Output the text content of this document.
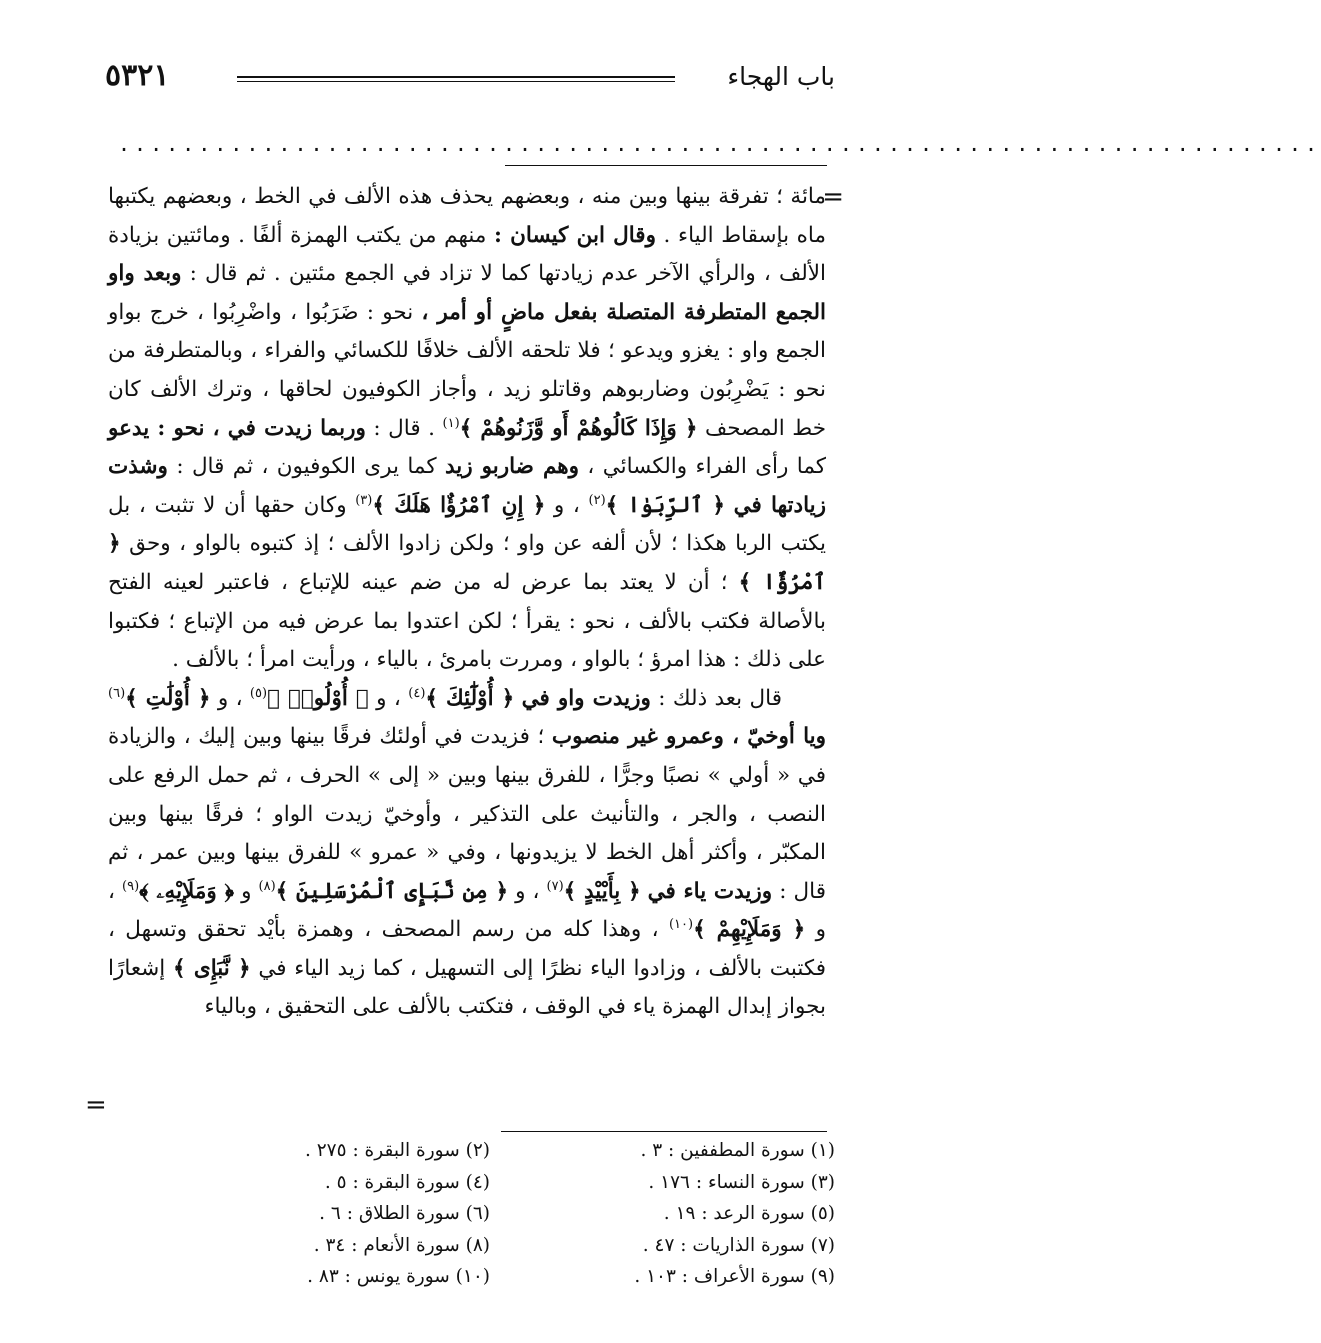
باب الهجاء
٥٣٢١
...........................................................................
=

مائة ؛ تفرقة بينها وبين منه ، وبعضهم يحذف هذه الألف في الخط ، وبعضهم يكتبها ماه بإسقاط الياء . وقال ابن كيسان : منهم من يكتب الهمزة ألفًا . ومائتين بزيادة الألف ، والرأي الآخر عدم زيادتها كما لا تزاد في الجمع مئتين . ثم قال : وبعد واو الجمع المتطرفة المتصلة بفعل ماضٍ أو أمر ، نحو : ضَرَبُوا ، واضْرِبُوا ، خرج بواو الجمع واو : يغزو ويدعو ؛ فلا تلحقه الألف خلافًا للكسائي والفراء ، وبالمتطرفة من نحو : يَضْرِبُون وضاربوهم وقاتلو زيد ، وأجاز الكوفيون لحاقها ، وترك الألف كان خط المصحف ﴿ وَإِذَا كَالُوهُمْ أَو وَّزَنُوهُمْ ﴾$^{(١)}$ . قال : وربما زيدت في ، نحو : يدعو كما رأى الفراء والكسائي ، وهم ضاربو زيد كما يرى الكوفيون ، ثم قال : وشذت زيادتها في ﴿ ٱلرِّبَوٰا ﴾$^{(٢)}$ ، و ﴿ إِنِ ٱمْرُؤٌا هَلَكَ ﴾$^{(٣)}$ وكان حقها أن لا تثبت ، بل يكتب الربا هكذا ؛ لأن ألفه عن واو ؛ ولكن زادوا الألف ؛ إذ كتبوه بالواو ، وحق ﴿ ٱمْرُؤٌا ﴾ ؛ أن لا يعتد بما عرض له من ضم عينه للإتباع ، فاعتبر لعينه الفتح بالأصالة فكتب بالألف ، نحو : يقرأ ؛ لكن اعتدوا بما عرض فيه من الإتباع ؛ فكتبوا على ذلك : هذا امرؤ ؛ بالواو ، ومررت بامرئ ، بالياء ، ورأيت امرأ ؛ بالألف .

قال بعد ذلك : وزيدت واو في ﴿ أُوْلَٰٓئِكَ ﴾$^{(٤)}$ ، و ﴿ أُوْلُوا۟ ﴾$^{(٥)}$ ، و ﴿ أُوْلَٰتِ ﴾$^{(٦)}$ ويا أوخيّ ، وعمرو غير منصوب ؛ فزيدت في أولئك فرقًا بينها وبين إليك ، والزيادة في « أولي » نصبًا وجرًّا ، للفرق بينها وبين « إلى » الحرف ، ثم حمل الرفع على النصب ، والجر ، والتأنيث على التذكير ، وأوخيّ زيدت الواو ؛ فرقًا بينها وبين المكبّر ، وأكثر أهل الخط لا يزيدونها ، وفي « عمرو » للفرق بينها وبين عمر ، ثم قال : وزيدت ياء في ﴿ بِأَيْيْدٍ ﴾$^{(٧)}$ ، و ﴿ مِن نَّبَإِى ٱلْمُرْسَلِينَ ﴾$^{(٨)}$ و ﴿ وَمَلَإِيْهِۦ ﴾$^{(٩)}$ ، و ﴿ وَمَلَإِيْهِمْ ﴾$^{(١٠)}$ ، وهذا كله من رسم المصحف ، وهمزة بأيْد تحقق وتسهل ، فكتبت بالألف ، وزادوا الياء نظرًا إلى التسهيل ، كما زيد الياء في ﴿ نَّبَإِى ﴾ إشعارًا بجواز إبدال الهمزة ياء في الوقف ، فتكتب بالألف على التحقيق ، وبالياء

=
(١) سورة المطففين : ٣ .
(٣) سورة النساء : ١٧٦ .
(٥) سورة الرعد : ١٩ .
(٧) سورة الذاريات : ٤٧ .
(٩) سورة الأعراف : ١٠٣ .
(٢) سورة البقرة : ٢٧٥ .
(٤) سورة البقرة : ٥ .
(٦) سورة الطلاق : ٦ .
(٨) سورة الأنعام : ٣٤ .
(١٠) سورة يونس : ٨٣ .
